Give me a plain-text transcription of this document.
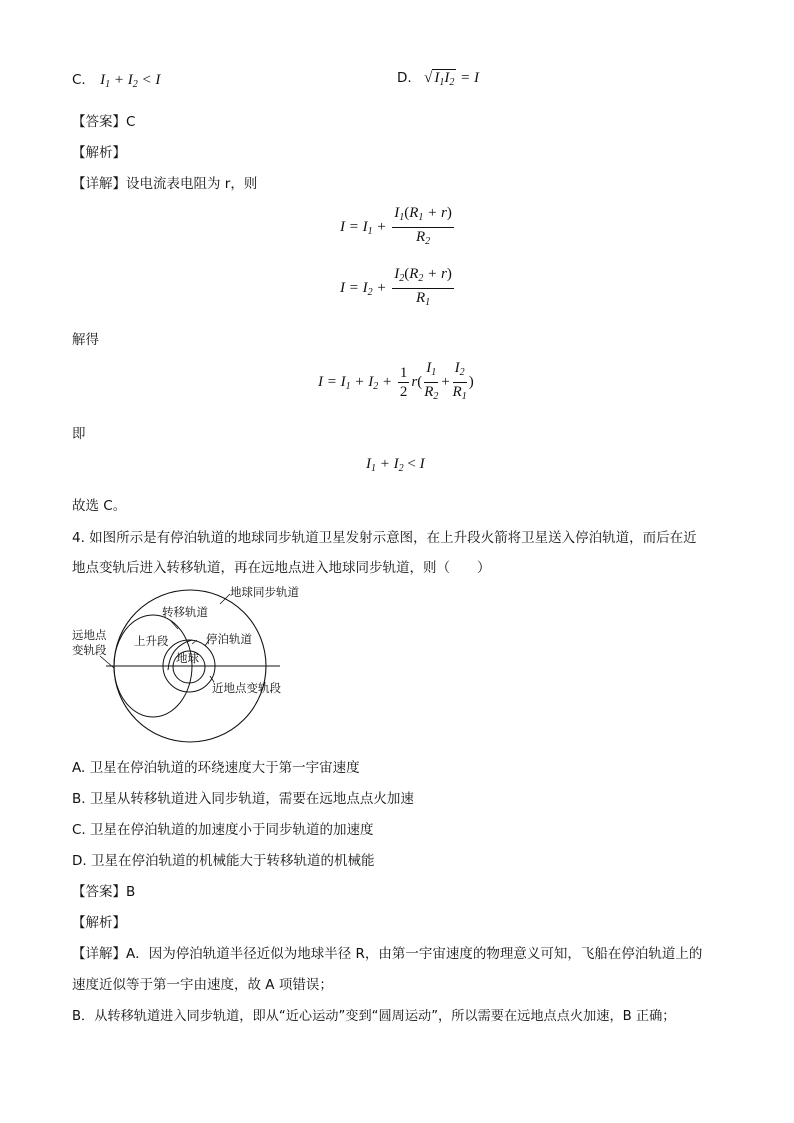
C. $I_1 + I_2 < I$	D. √ $I_1I_2 = I$
【答案】C
【解析】
【详解】设电流表电阻为 r，则
$I = I_1 + \frac{I_1(R_1 + r)}{R_2}$
$I = I_2 + \frac{I_2(R_2 + r)}{R_1}$
解得
$I = I_1 + I_2 + \frac{1}{2} r( \frac{I_1}{R_2} + \frac{I_2}{R_1}$ )
即
$I_1 + I_2 < I$
故选 C。
4. 如图所示是有停泊轨道的地球同步轨道卫星发射示意图，在上升段火箭将卫星送入停泊轨道，而后在近
地点变轨后进入转移轨道，再在远地点进入地球同步轨道，则（　　）
地球同步轨道
转移轨道
远地点
变轨段
上升段	停泊轨道
地球
近地点变轨段
A. 卫星在停泊轨道的环绕速度大于第一宇宙速度
B. 卫星从转移轨道进入同步轨道，需要在远地点点火加速
C. 卫星在停泊轨道的加速度小于同步轨道的加速度
D. 卫星在停泊轨道的机械能大于转移轨道的机械能
【答案】B
【解析】
【详解】A．因为停泊轨道半径近似为地球半径 R，由第一宇宙速度的物理意义可知，飞船在停泊轨道上的
速度近似等于第一宇由速度，故 A 项错误；
B．从转移轨道进入同步轨道，即从“近心运动”变到“圆周运动”，所以需要在远地点点火加速，B 正确；
